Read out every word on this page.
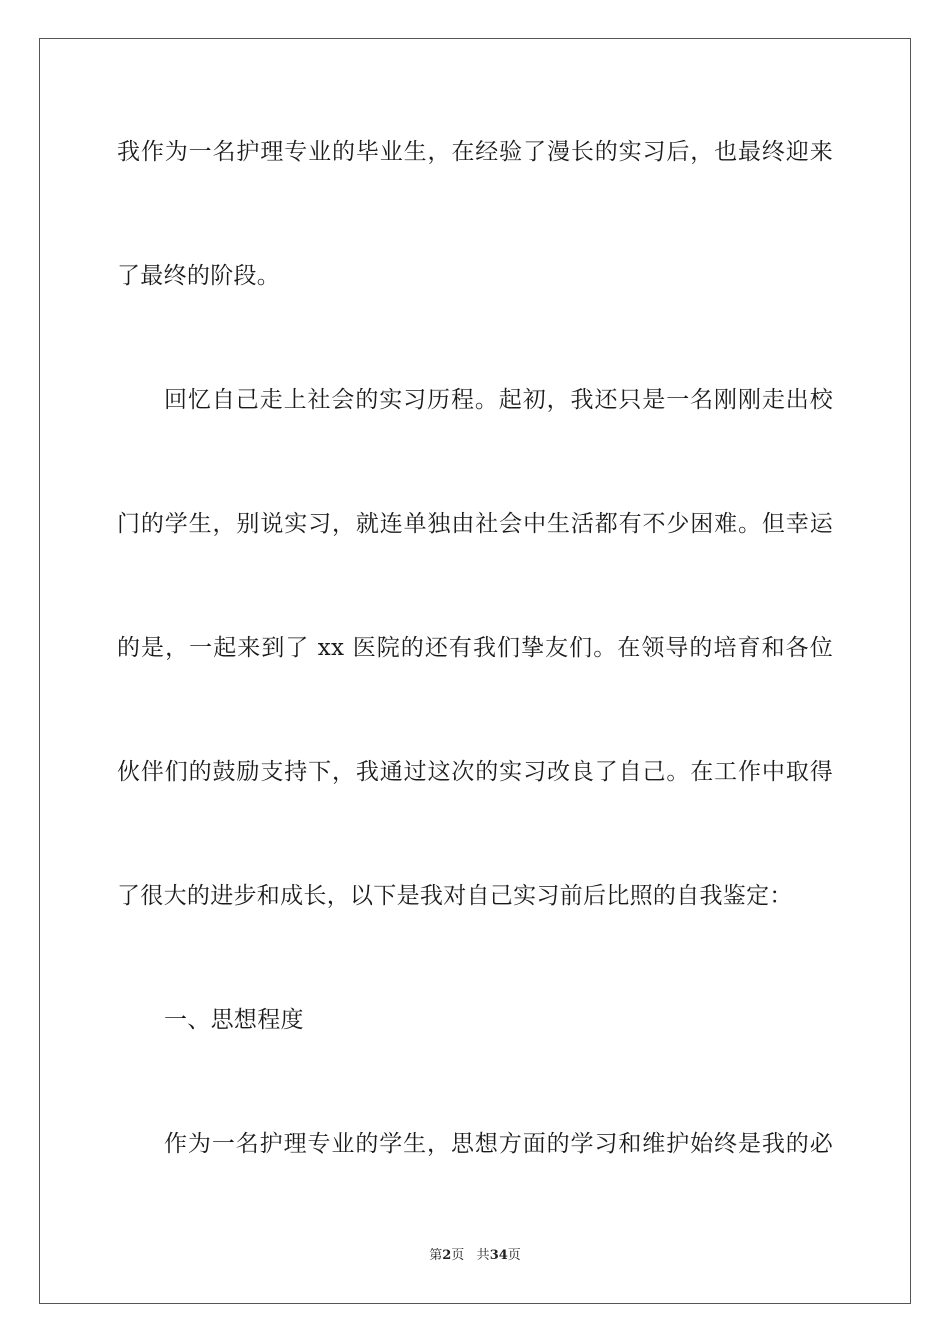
我作为一名护理专业的毕业生，在经验了漫长的实习后，也最终迎来
了最终的阶段。
回忆自己走上社会的实习历程。起初，我还只是一名刚刚走出校
门的学生，别说实习，就连单独由社会中生活都有不少困难。但幸运
的是，一起来到了 xx 医院的还有我们挚友们。在领导的培育和各位
伙伴们的鼓励支持下，我通过这次的实习改良了自己。在工作中取得
了很大的进步和成长，以下是我对自己实习前后比照的自我鉴定：
一、思想程度
作为一名护理专业的学生，思想方面的学习和维护始终是我的必
第2页 共34页
